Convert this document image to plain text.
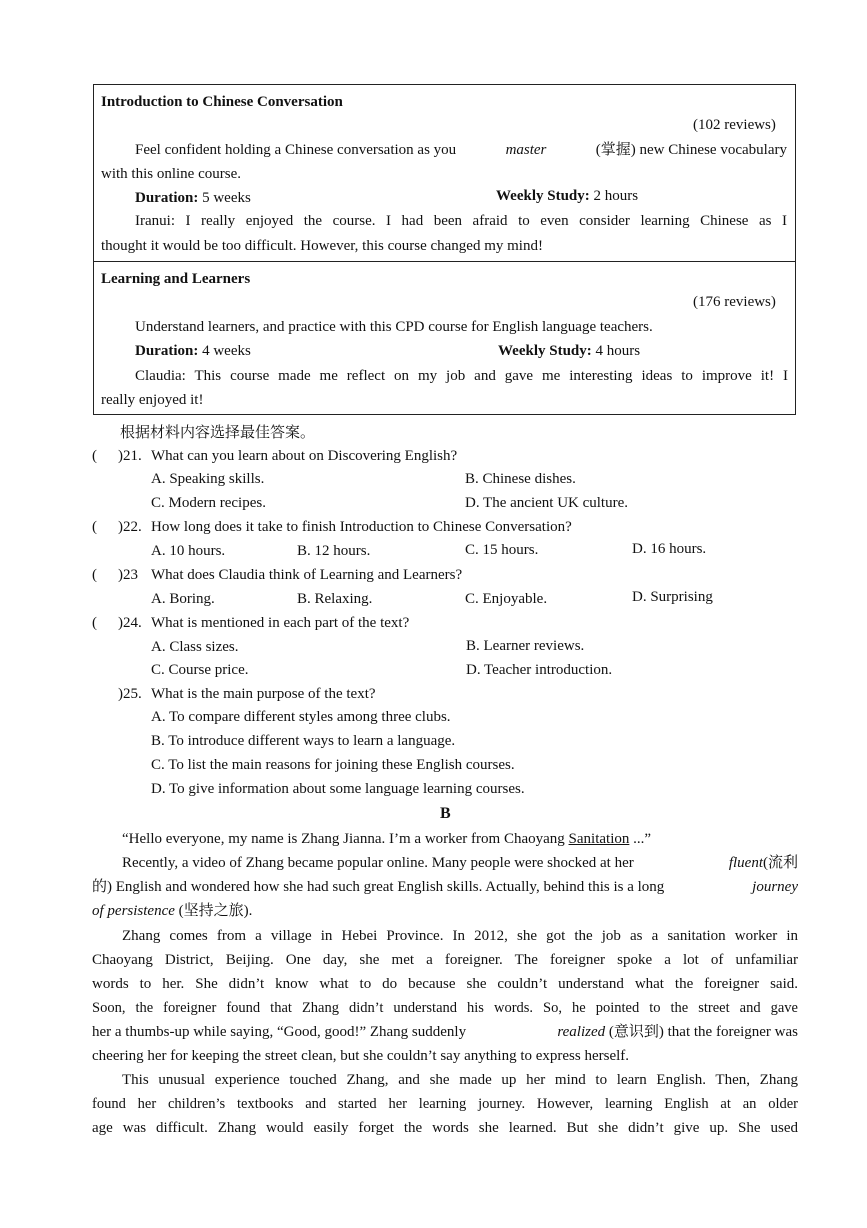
Introduction to Chinese Conversation
(102 reviews)
Feel confident holding a Chinese conversation as you	master	(掌握) new Chinese vocabulary
with this online course.
Duration: 5 weeks	Weekly Study: 2 hours
Iranui: I really enjoyed the course. I had been afraid to even consider learning Chinese as I
thought it would be too difficult. However, this course changed my mind!
Learning and Learners
(176 reviews)
Understand learners, and practice with this CPD course for English language teachers.
Duration: 4 weeks	Weekly Study: 4 hours
Claudia: This course made me reflect on my job and gave me interesting ideas to improve it! I
really enjoyed it!
根据材料内容选择最佳答案。
( )21. What can you learn about on Discovering English?
A. Speaking skills.	B. Chinese dishes.
C. Modern recipes.	D. The ancient UK culture.
( )22. How long does it take to finish Introduction to Chinese Conversation?
A. 10 hours.	B. 12 hours.	C. 15 hours.	D. 16 hours.
( )23 What does Claudia think of Learning and Learners?
A. Boring.	B. Relaxing.	C. Enjoyable.	D. Surprising
( )24. What is mentioned in each part of the text?
A. Class sizes.	B. Learner reviews.
C. Course price.	D. Teacher introduction.
)25. What is the main purpose of the text?
A. To compare different styles among three clubs.
B. To introduce different ways to learn a language.
C. To list the main reasons for joining these English courses.
D. To give information about some language learning courses.
B
“Hello everyone, my name is Zhang Jianna. I’m a worker from Chaoyang Sanitation ...”
Recently, a video of Zhang became popular online. Many people were shocked at her	fluent(流利
的) English and wondered how she had such great English skills. Actually, behind this is a long	journey
of persistence (坚持之旅).
Zhang comes from a village in Hebei Province. In 2012, she got the job as a sanitation worker in
Chaoyang District, Beijing. One day, she met a foreigner. The foreigner spoke a lot of unfamiliar
words to her. She didn’t know what to do because she couldn’t understand what the foreigner said.
Soon, the foreigner found that Zhang didn’t understand his words. So, he pointed to the street and gave
her a thumbs-up while saying, “Good, good!” Zhang suddenly	realized (意识到) that the foreigner was
cheering her for keeping the street clean, but she couldn’t say anything to express herself.
This unusual experience touched Zhang, and she made up her mind to learn English. Then, Zhang
found her children’s textbooks and started her learning journey. However, learning English at an older
age was difficult. Zhang would easily forget the words she learned. But she didn’t give up. She used
